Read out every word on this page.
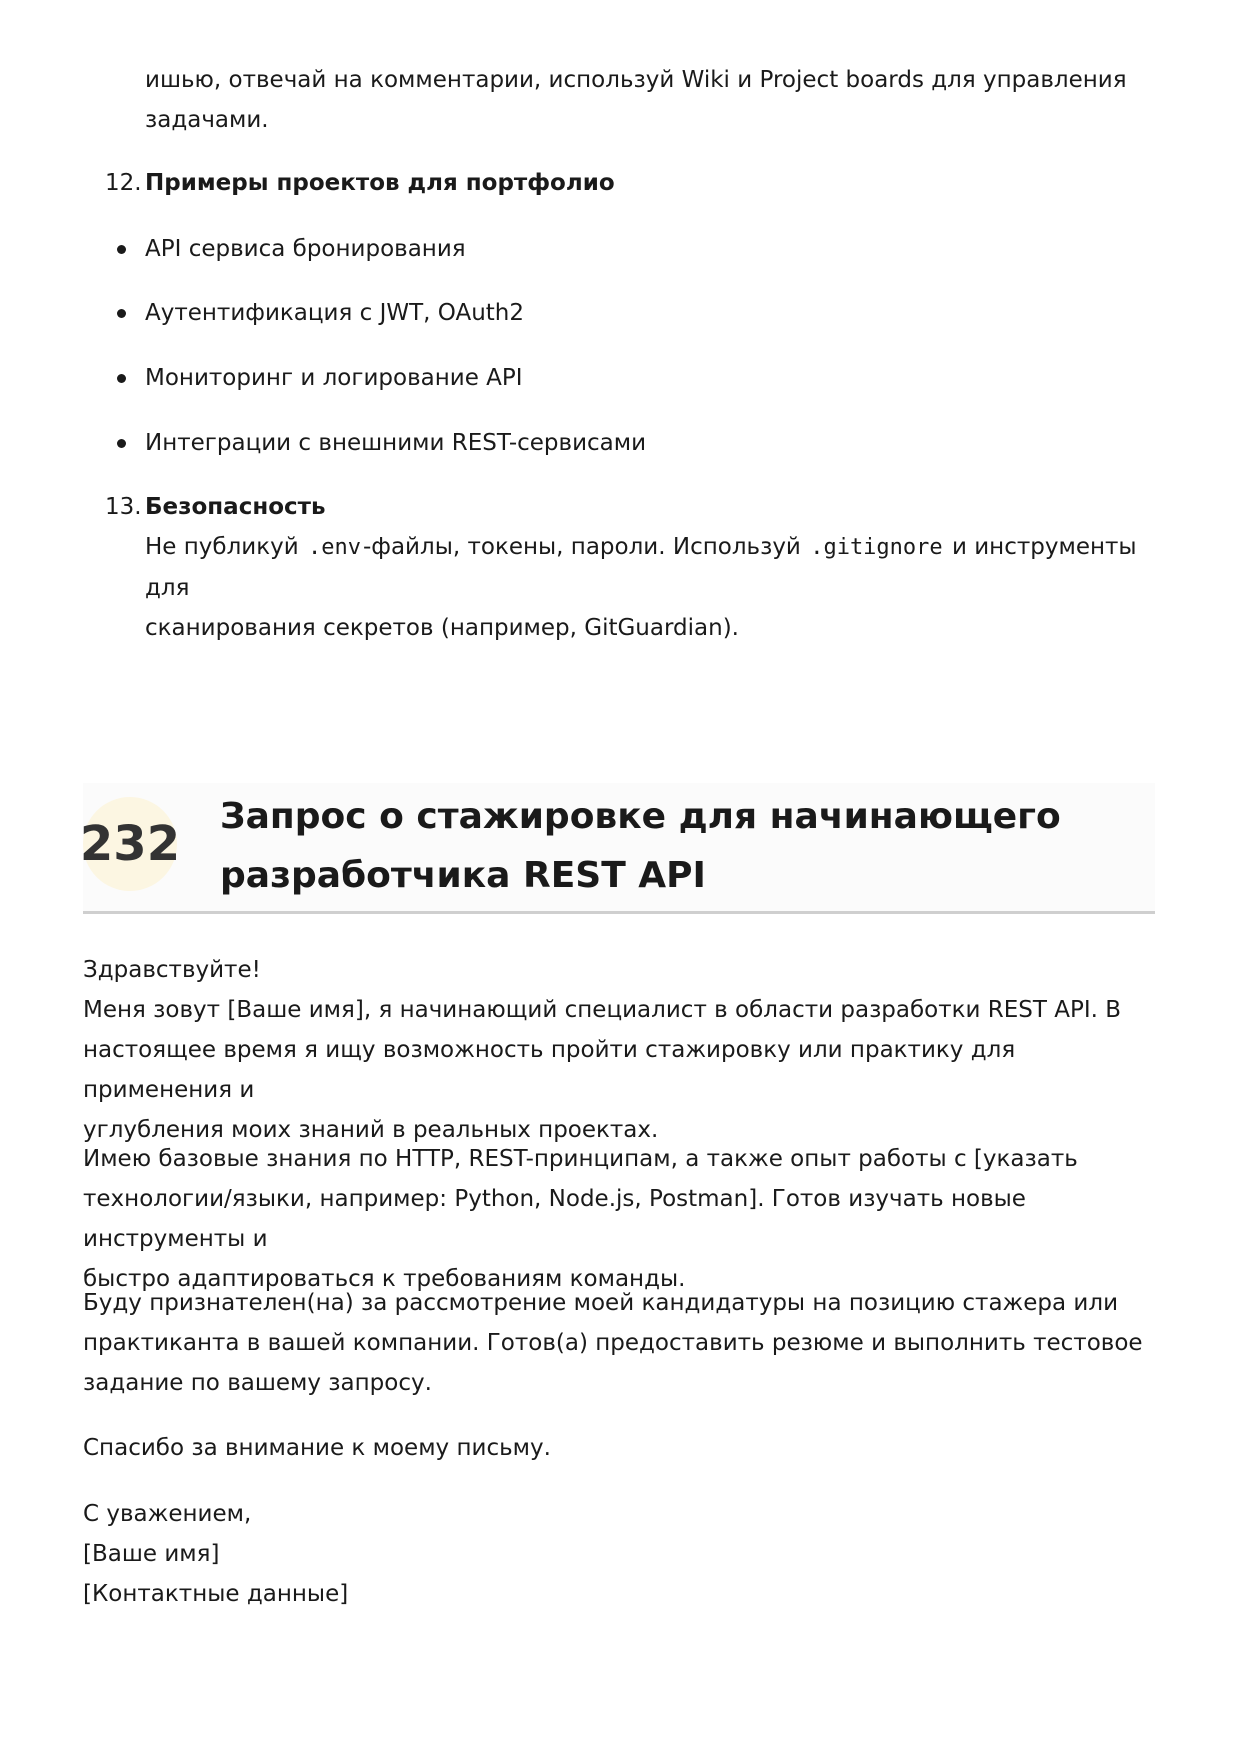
ишью, отвечай на комментарии, используй Wiki и Project boards для управления
задачами.
12. Примеры проектов для портфолио
API сервиса бронирования
Аутентификация с JWT, OAuth2
Мониторинг и логирование API
Интеграции с внешними REST-сервисами
13. Безопасность
Не публикуй .env-файлы, токены, пароли. Используй .gitignore и инструменты для
сканирования секретов (например, GitGuardian).
232 Запрос о стажировке для начинающего
разработчика REST API
Здравствуйте!
Меня зовут [Ваше имя], я начинающий специалист в области разработки REST API. В
настоящее время я ищу возможность пройти стажировку или практику для применения и
углубления моих знаний в реальных проектах.
Имею базовые знания по HTTP, REST-принципам, а также опыт работы с [указать
технологии/языки, например: Python, Node.js, Postman]. Готов изучать новые инструменты и
быстро адаптироваться к требованиям команды.
Буду признателен(на) за рассмотрение моей кандидатуры на позицию стажера или
практиканта в вашей компании. Готов(а) предоставить резюме и выполнить тестовое
задание по вашему запросу.
Спасибо за внимание к моему письму.
С уважением,
[Ваше имя]
[Контактные данные]
